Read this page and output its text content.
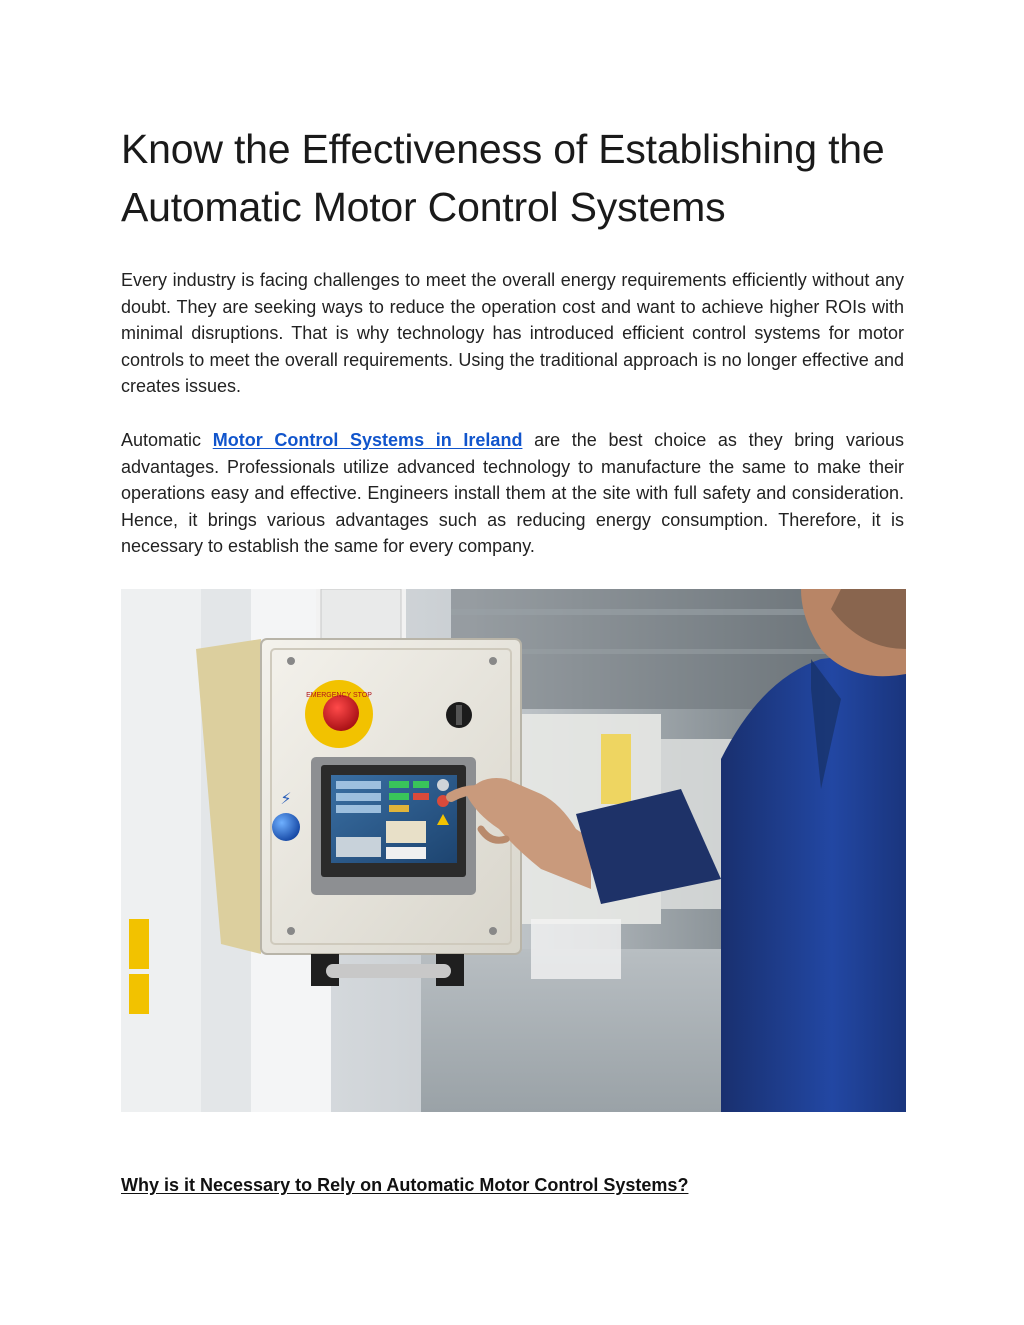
Know the Effectiveness of Establishing the Automatic Motor Control Systems

Every industry is facing challenges to meet the overall energy requirements efficiently without any doubt. They are seeking ways to reduce the operation cost and want to achieve higher ROIs with minimal disruptions. That is why technology has introduced efficient control systems for motor controls to meet the overall requirements. Using the traditional approach is no longer effective and creates issues.

Automatic Motor Control Systems in Ireland are the best choice as they bring various advantages. Professionals utilize advanced technology to manufacture the same to make their operations easy and effective. Engineers install them at the site with full safety and consideration. Hence, it brings various advantages such as reducing energy consumption. Therefore, it is necessary to establish the same for every company.

EMERGENCY STOP
⚡
Why is it Necessary to Rely on Automatic Motor Control Systems?
